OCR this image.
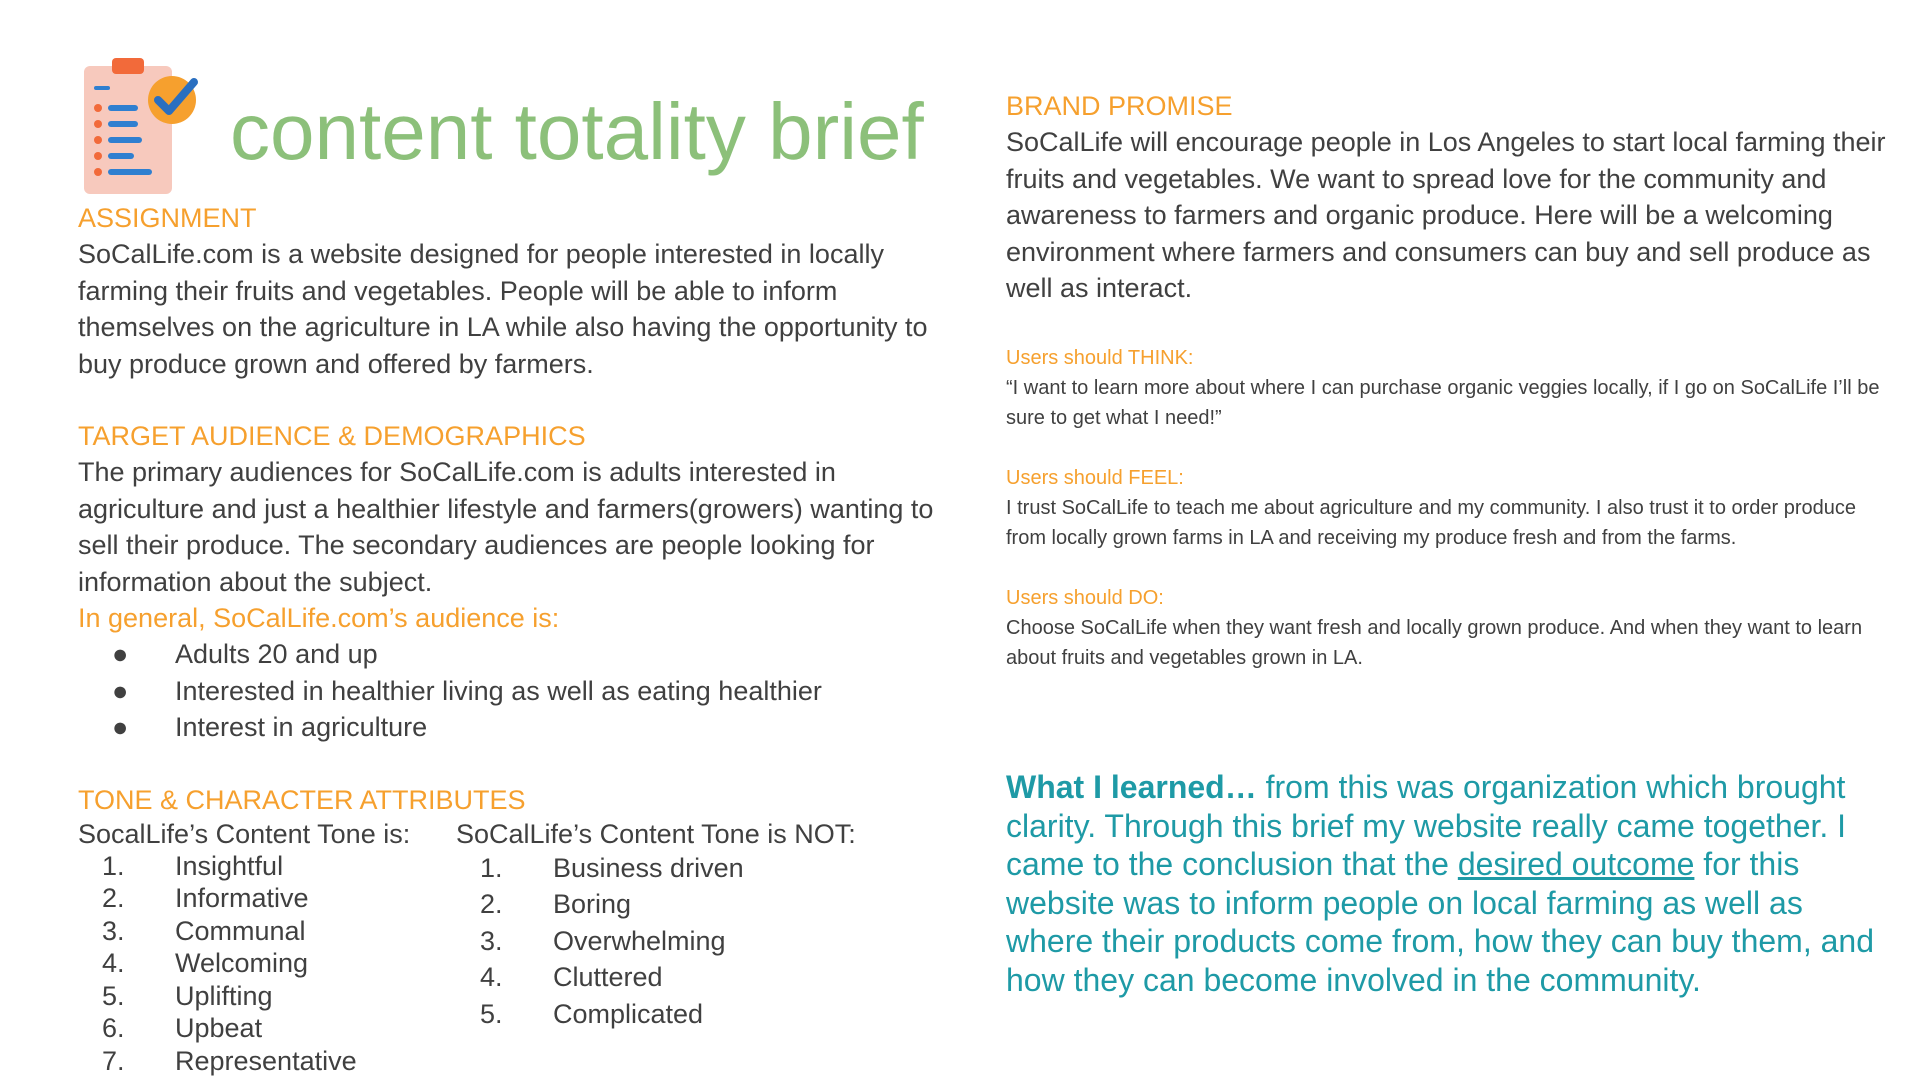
content totality brief
ASSIGNMENT
SoCalLife.com is a website designed for people interested in locally farming their fruits and vegetables. People will be able to inform themselves on the agriculture in LA while also having the opportunity to buy produce grown and offered by farmers.
TARGET AUDIENCE & DEMOGRAPHICS
The primary audiences for SoCalLife.com is adults interested in agriculture and just a healthier lifestyle and farmers(growers) wanting to sell their produce. The secondary audiences are people looking for information about the subject.
In general, SoCalLife.com’s audience is:
● Adults 20 and up
● Interested in healthier living as well as eating healthier
● Interest in agriculture
TONE & CHARACTER ATTRIBUTES
SocalLife’s Content Tone is:
1. Insightful
2. Informative
3. Communal
4. Welcoming
5. Uplifting
6. Upbeat
7. Representative
SoCalLife’s Content Tone is NOT:
1. Business driven
2. Boring
3. Overwhelming
4. Cluttered
5. Complicated
BRAND PROMISE
SoCalLife will encourage people in Los Angeles to start local farming their fruits and vegetables. We want to spread love for the community and awareness to farmers and organic produce. Here will be a welcoming environment where farmers and consumers can buy and sell produce as well as interact.
Users should THINK:
“I want to learn more about where I can purchase organic veggies locally, if I go on SoCalLife I’ll be sure to get what I need!”
Users should FEEL:
I trust SoCalLife to teach me about agriculture and my community. I also trust it to order produce from locally grown farms in LA and receiving my produce fresh and from the farms.
Users should DO:
Choose SoCalLife when they want fresh and locally grown produce. And when they want to learn about fruits and vegetables grown in LA.
What I learned… from this was organization which brought clarity. Through this brief my website really came together. I came to the conclusion that the desired outcome for this website was to inform people on local farming as well as where their products come from, how they can buy them, and how they can become involved in the community.
